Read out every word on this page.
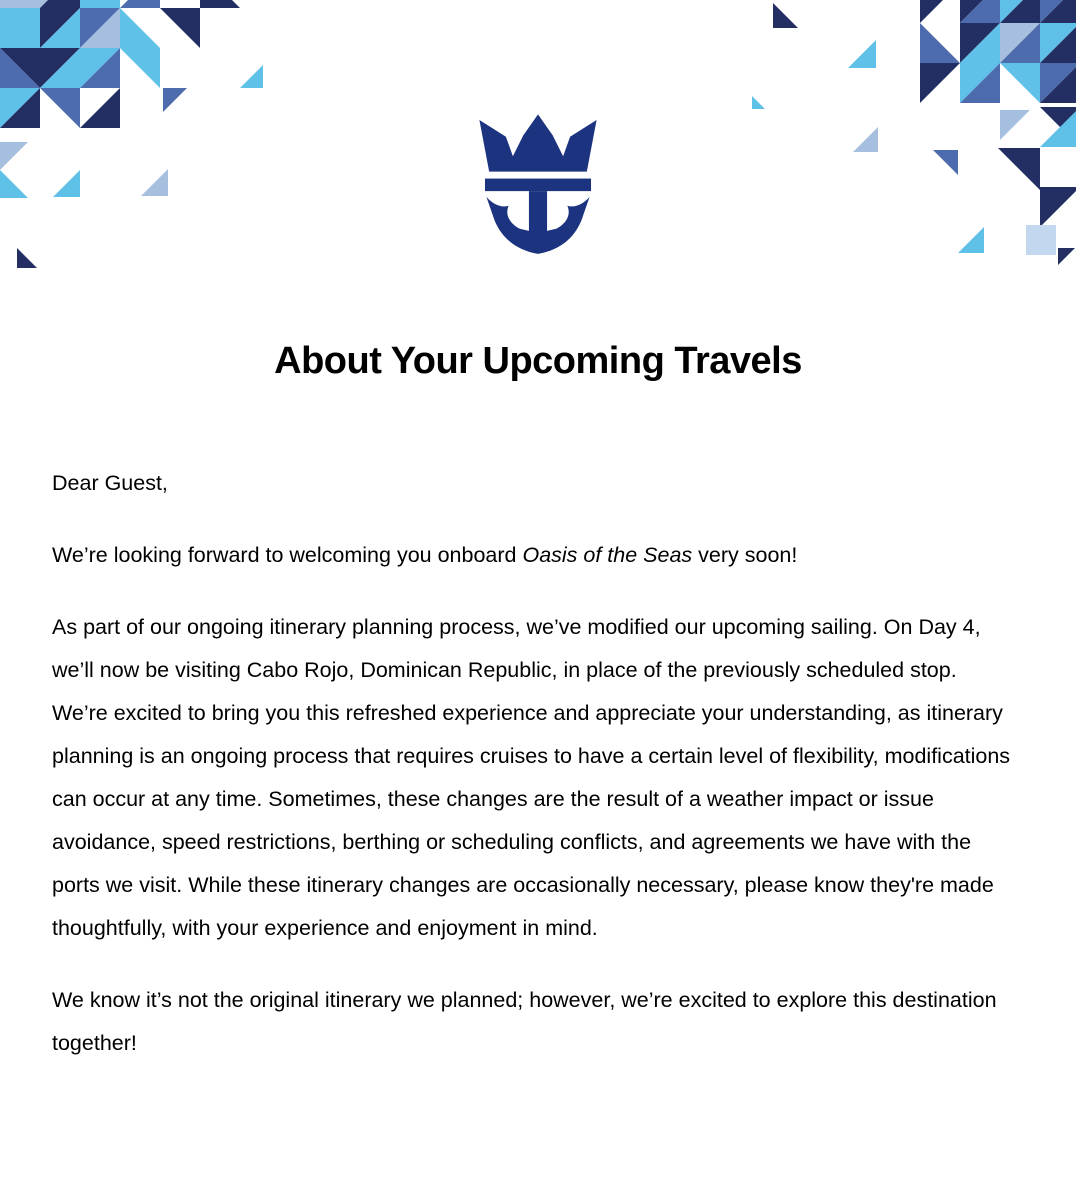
About Your Upcoming Travels

Dear Guest,

We’re looking forward to welcoming you onboard Oasis of the Seas very soon!

As part of our ongoing itinerary planning process, we’ve modified our upcoming sailing. On Day 4, we’ll now be visiting Cabo Rojo, Dominican Republic, in place of the previously scheduled stop. We’re excited to bring you this refreshed experience and appreciate your understanding, as itinerary planning is an ongoing process that requires cruises to have a certain level of flexibility, modifications can occur at any time. Sometimes, these changes are the result of a weather impact or issue avoidance, speed restrictions, berthing or scheduling conflicts, and agreements we have with the ports we visit. While these itinerary changes are occasionally necessary, please know they're made thoughtfully, with your experience and enjoyment in mind.

We know it’s not the original itinerary we planned; however, we’re excited to explore this destination together!
